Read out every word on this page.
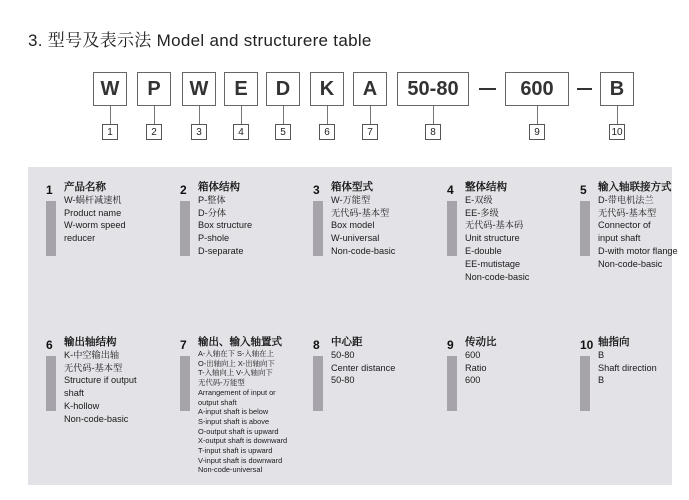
3. 型号及表示法 Model and structurere table
W
1
P
2
W
3
E
4
D
5
K
6
A
7
50-80
8
600
9
B
10
1 产品名称
W-蜗杆减速机
Product name
W-worm speed
reducer
2 箱体结构
P-整体
D-分体
Box structure
P-shole
D-separate
3 箱体型式
W-万能型
无代码-基本型
Box model
W-universal
Non-code-basic
4 整体结构
E-双级
EE-多级
无代码-基本码
Unit structure
E-double
EE-mutistage
Non-code-basic
5 输入轴联接方式
D-带电机法兰
无代码-基本型
Connector of
input shaft
D-with motor flange
Non-code-basic
6 输出轴结构
K-中空输出轴
无代码-基本型
Structure if output
shaft
K-hollow
Non-code-basic
7 输出、输入轴置式
A-入轴在下 S-入轴在上
O-出轴向上 X-出轴向下
T-入轴向上 V-入轴向下
无代码-万能型
Arrangement of input or
output shaft
A-input shaft is below
S-input shaft is above
O-output shaft is upward
X-output shaft is downward
T-input shaft is upward
V-input shaft is downward
Non-code-universal
8 中心距
50-80
Center distance
50-80
9 传动比
600
Ratio
600
10 轴指向
B
Shaft direction
B
